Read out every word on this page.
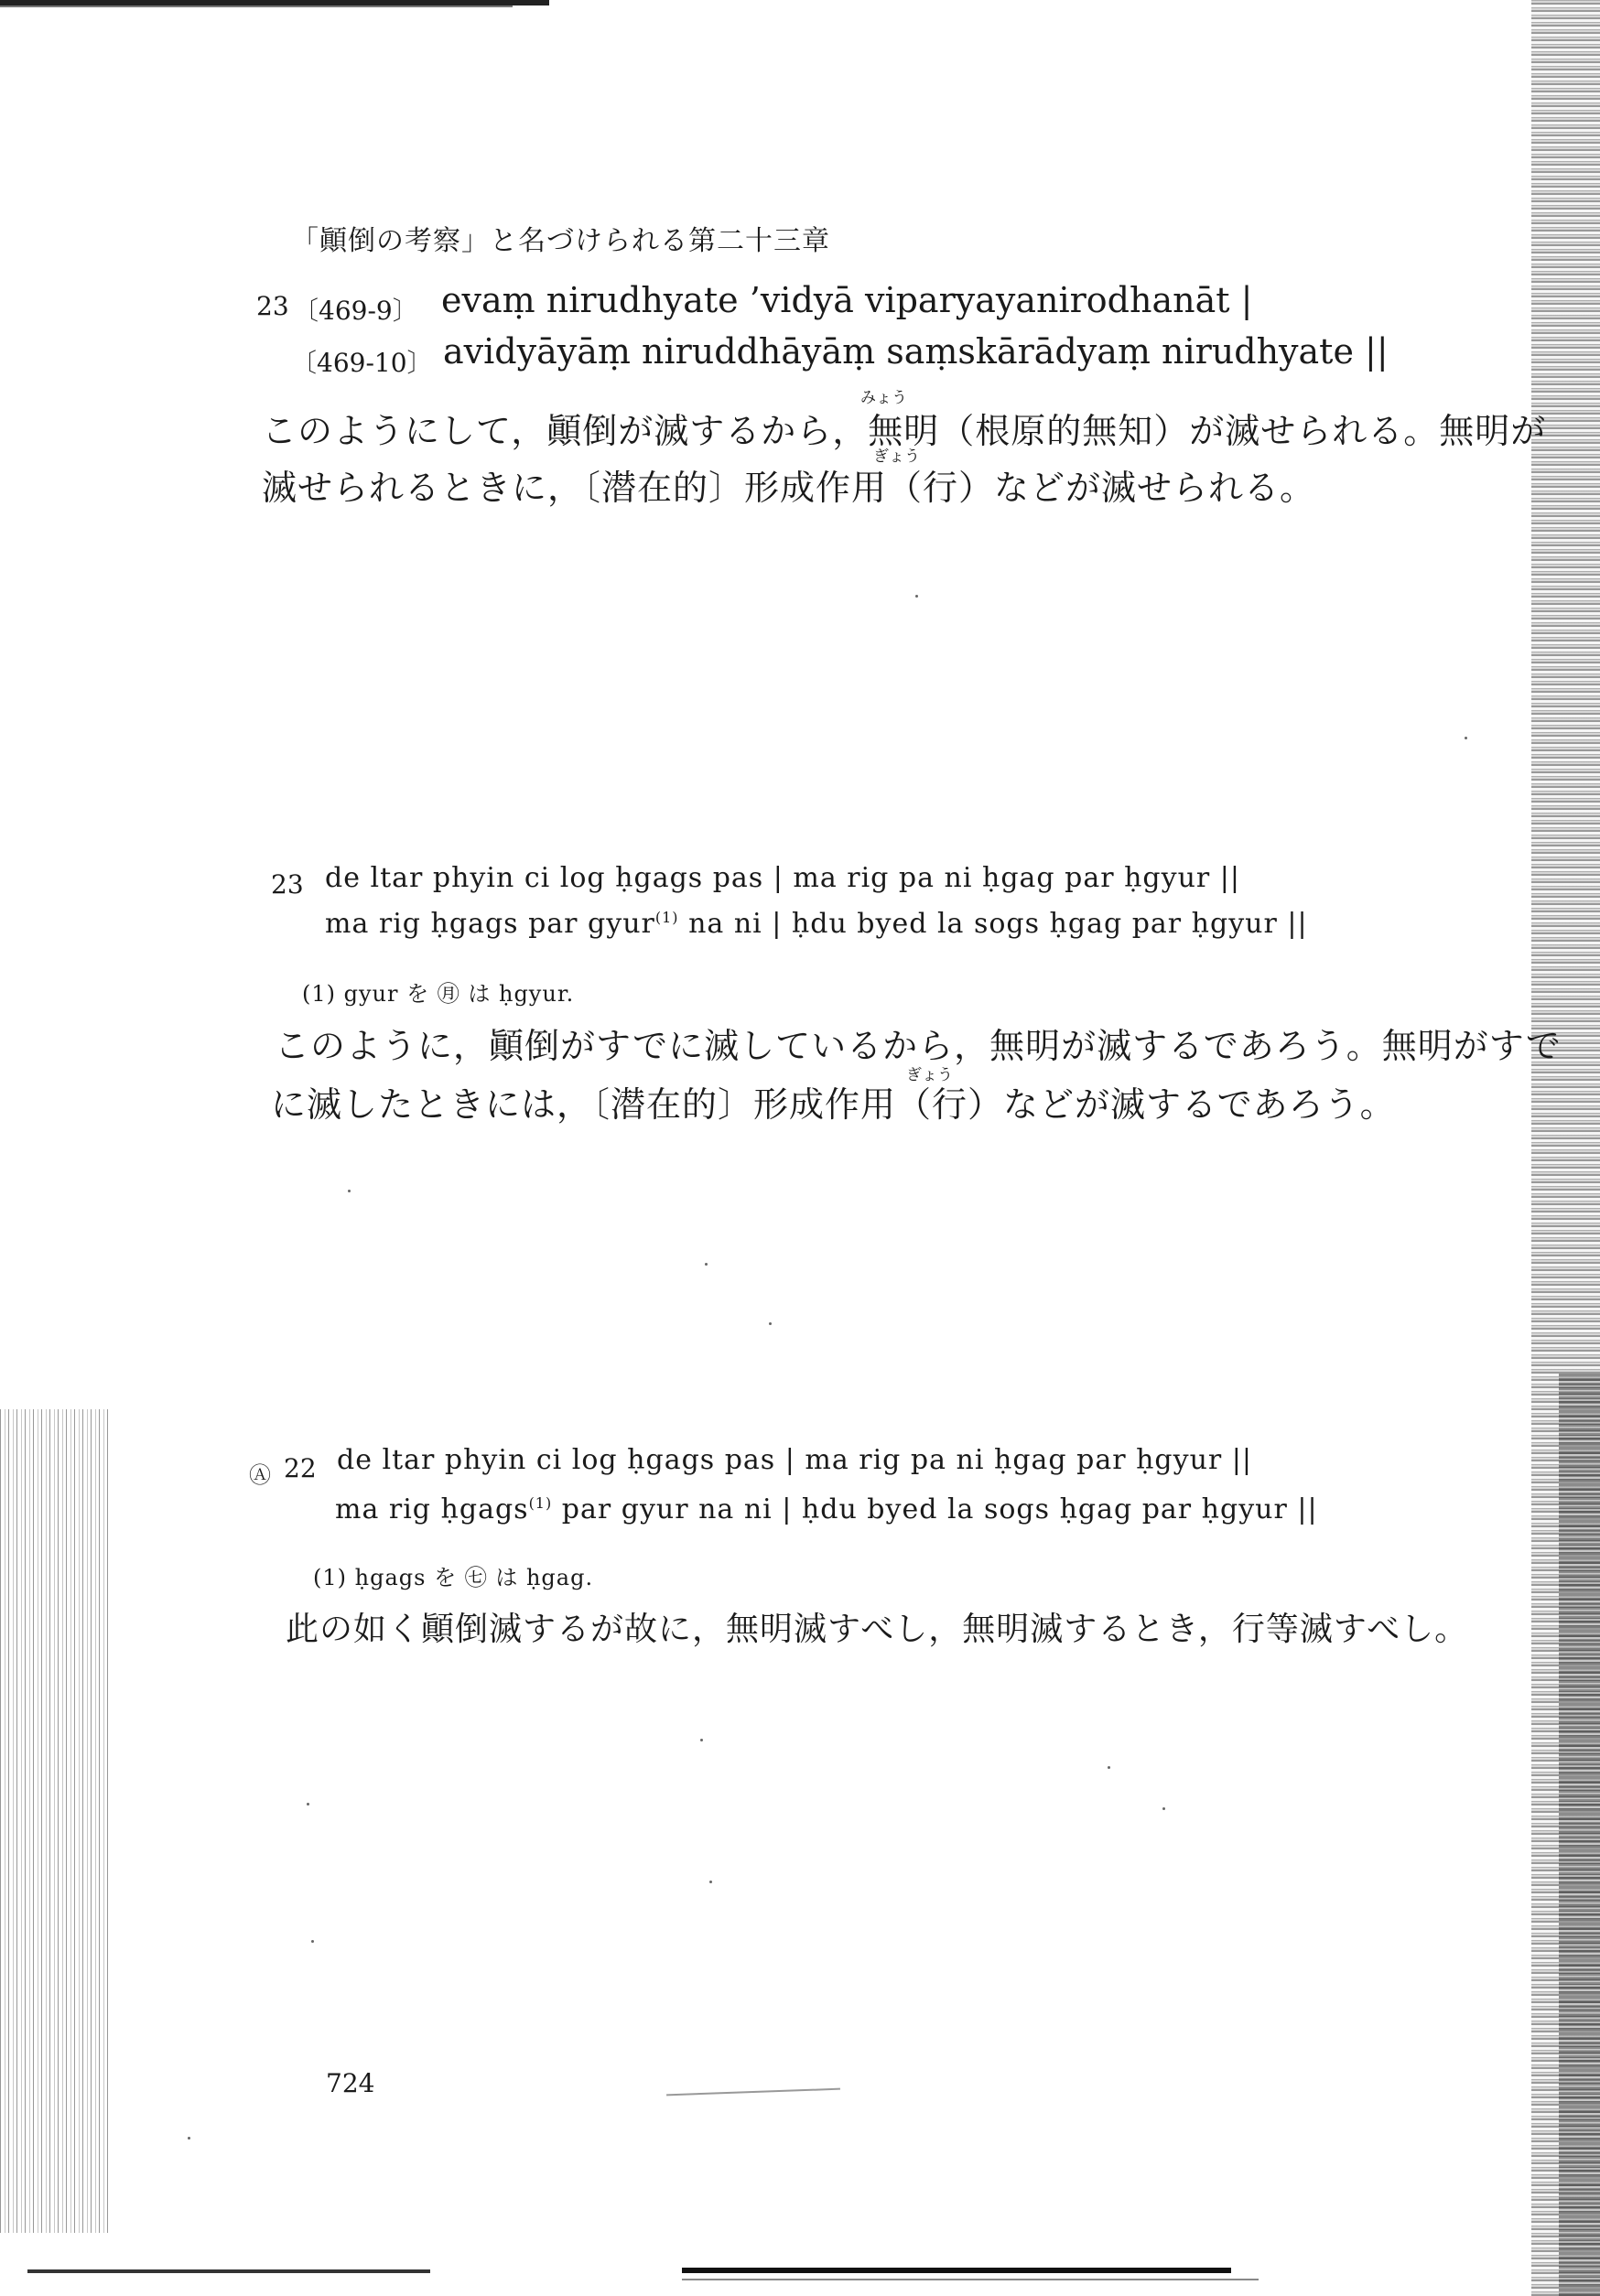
「顚倒の考察」と名づけられる第二十三章
23 〔469-9〕 evaṃ nirudhyate ’vidyā viparyayanirodhanāt |
〔469-10〕 avidyāyāṃ niruddhāyāṃ saṃskārādyaṃ nirudhyate ||
みょう
このようにして，顚倒が滅するから，無明（根原的無知）が滅せられる。無明が
ぎょう
滅せられるときに，〔潜在的〕形成作用（行）などが滅せられる。
23 de ltar phyin ci log ḥgags pas | ma rig pa ni ḥgag par ḥgyur ||
ma rig ḥgags par gyur$^{(1)}$ na ni | ḥdu byed la sogs ḥgag par ḥgyur ||
(1) gyur を ㊊ は ḥgyur.
このように，顚倒がすでに滅しているから，無明が滅するであろう。無明がすで
ぎょう
に滅したときには，〔潜在的〕形成作用（行）などが滅するであろう。
Ⓐ 22 de ltar phyin ci log ḥgags pas | ma rig pa ni ḥgag par ḥgyur ||
ma rig ḥgags$^{(1)}$ par gyur na ni | ḥdu byed la sogs ḥgag par ḥgyur ||
(1) ḥgags を ㊆ は ḥgag.
此の如く顚倒滅するが故に，無明滅すべし，無明滅するとき，行等滅すべし。
724
